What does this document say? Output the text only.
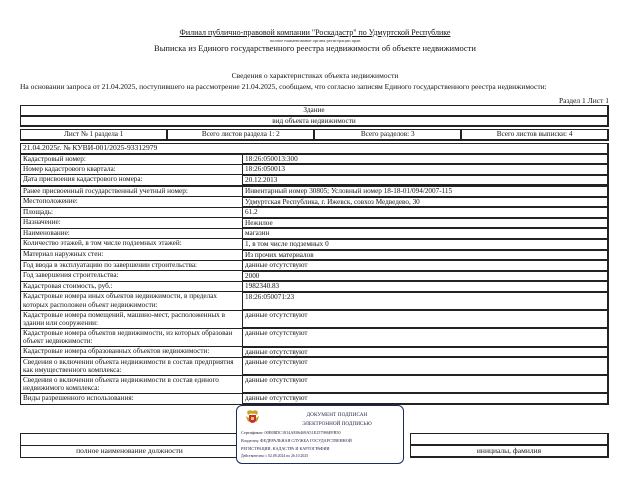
Филиал публично-правовой компании "Роскадастр" по Удмуртской Республике
полное наименование органа регистрации прав
Выписка из Единого государственного реестра недвижимости об объекте недвижимости
Сведения о характеристиках объекта недвижимости
На основании запроса от 21.04.2025, поступившего на рассмотрение 21.04.2025, сообщаем, что согласно записям Единого государственного реестра недвижимости:
Раздел 1 Лист 1
Здание
вид объекта недвижимости
Лист № 1 раздела 1	Всего листов раздела 1: 2	Всего разделов: 3	Всего листов выписки: 4
21.04.2025г. № КУВИ-001/2025-93312979	
Кадастровый номер:	18:26:050013:300
Номер кадастрового квартала:	18:26:050013
Дата присвоения кадастрового номера:	20.12.2013
Ранее присвоенный государственный учетный номер:	Инвентарный номер 30805; Условный номер 18-18-01/094/2007-115
Местоположение:	Удмуртская Республика, г. Ижевск, совхоз Медведево, 30
Площадь:	61.2
Назначение:	Нежилое
Наименование:	магазин
Количество этажей, в том числе подземных этажей:	1, в том числе подземных 0
Материал наружных стен:	Из прочих материалов
Год ввода в эксплуатацию по завершении строительства:	данные отсутствуют
Год завершения строительства:	2000
Кадастровая стоимость, руб.:	1982340.83
Кадастровые номера иных объектов недвижимости, в пределах которых расположен объект недвижимости:	18:26:050071:23
Кадастровые номера помещений, машино-мест, расположенных в здании или сооружении:	данные отсутствуют
Кадастровые номера объектов недвижимости, из которых образован объект недвижимости:	данные отсутствуют
Кадастровые номера образованных объектов недвижимости:	данные отсутствуют
Сведения о включении объекта недвижимости в состав предприятия как имущественного комплекса:	данные отсутствуют
Сведения о включении объекта недвижимости в состав единого недвижимого комплекса:	данные отсутствуют
Виды разрешенного использования:	данные отсутствуют

полное наименование должности		инициалы, фамилия
ДОКУМЕНТ ПОДПИСАН
ЭЛЕКТРОННОЙ ПОДПИСЬЮ
Сертификат: 00E0BDC1814AE06469A51E257986EFB50
Владелец: ФЕДЕРАЛЬНАЯ СЛУЖБА ГОСУДАРСТВЕННОЙ
РЕГИСТРАЦИИ, КАДАСТРА И КАРТОГРАФИИ
Действителен: с 02.08.2024 по 26.10.2025
